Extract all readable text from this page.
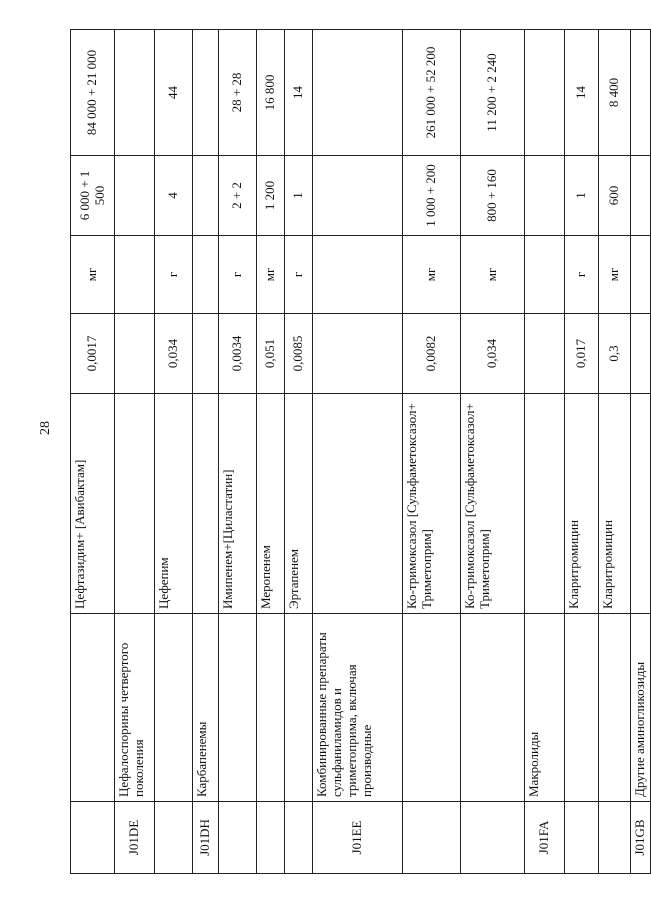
28
		Цефтазидим+ [Авибактам]	0,0017	мг	6 000 + 1 500	84 000 + 21 000
J01DE	Цефалоспорины четвертого поколения					
		Цефепим	0,034	г	4	44
J01DH	Карбапенемы					
		Имипенем+[Циластатин]	0,0034	г	2 + 2	28 + 28
		Меропенем	0,051	мг	1 200	16 800
		Эртапенем	0,0085	г	1	14
J01EE	Комбинированные препараты сульфаниламидов и триметоприма, включая производные					
		Ко-тримоксазол [Сульфаметоксазол+ Триметоприм]	0,0082	мг	1 000 + 200	261 000 + 52 200
		Ко-тримоксазол [Сульфаметоксазол+ Триметоприм]	0,034	мг	800 + 160	11 200 + 2 240
J01FA	Макролиды					
		Кларитромицин	0,017	г	1	14
		Кларитромицин	0,3	мг	600	8 400
J01GB	Другие аминогликозиды					
